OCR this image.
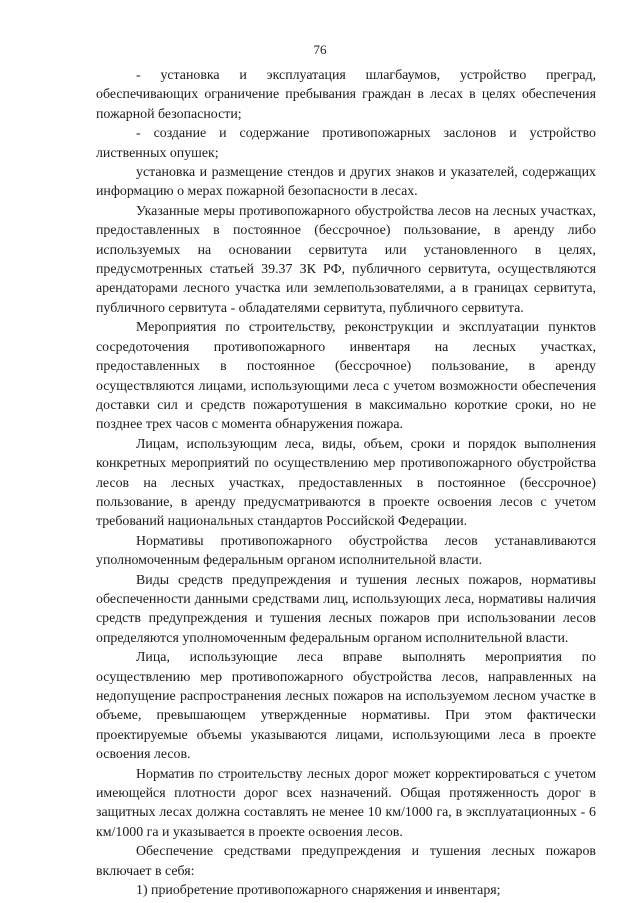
76

- установка и эксплуатация шлагбаумов, устройство преград, обеспечивающих ограничение пребывания граждан в лесах в целях обеспечения пожарной безопасности;

- создание и содержание противопожарных заслонов и устройство лиственных опушек;

установка и размещение стендов и других знаков и указателей, содержащих информацию о мерах пожарной безопасности в лесах.

Указанные меры противопожарного обустройства лесов на лесных участках, предоставленных в постоянное (бессрочное) пользование, в аренду либо используемых на основании сервитута или установленного в целях, предусмотренных статьей 39.37 ЗК РФ, публичного сервитута, осуществляются арендаторами лесного участка или землепользователями, а в границах сервитута, публичного сервитута - обладателями сервитута, публичного сервитута.

Мероприятия по строительству, реконструкции и эксплуатации пунктов сосредоточения противопожарного инвентаря на лесных участках, предоставленных в постоянное (бессрочное) пользование, в аренду осуществляются лицами, использующими леса с учетом возможности обеспечения доставки сил и средств пожаротушения в максимально короткие сроки, но не позднее трех часов с момента обнаружения пожара.

Лицам, использующим леса, виды, объем, сроки и порядок выполнения конкретных мероприятий по осуществлению мер противопожарного обустройства лесов на лесных участках, предоставленных в постоянное (бессрочное) пользование, в аренду предусматриваются в проекте освоения лесов с учетом требований национальных стандартов Российской Федерации.

Нормативы противопожарного обустройства лесов устанавливаются уполномоченным федеральным органом исполнительной власти.

Виды средств предупреждения и тушения лесных пожаров, нормативы обеспеченности данными средствами лиц, использующих леса, нормативы наличия средств предупреждения и тушения лесных пожаров при использовании лесов определяются уполномоченным федеральным органом исполнительной власти.

Лица, использующие леса вправе выполнять мероприятия по осуществлению мер противопожарного обустройства лесов, направленных на недопущение распространения лесных пожаров на используемом лесном участке в объеме, превышающем утвержденные нормативы. При этом фактически проектируемые объемы указываются лицами, использующими леса в проекте освоения лесов.

Норматив по строительству лесных дорог может корректироваться с учетом имеющейся плотности дорог всех назначений. Общая протяженность дорог в защитных лесах должна составлять не менее 10 км/1000 га, в эксплуатационных - 6 км/1000 га и указывается в проекте освоения лесов.

Обеспечение средствами предупреждения и тушения лесных пожаров включает в себя:

1) приобретение противопожарного снаряжения и инвентаря;
